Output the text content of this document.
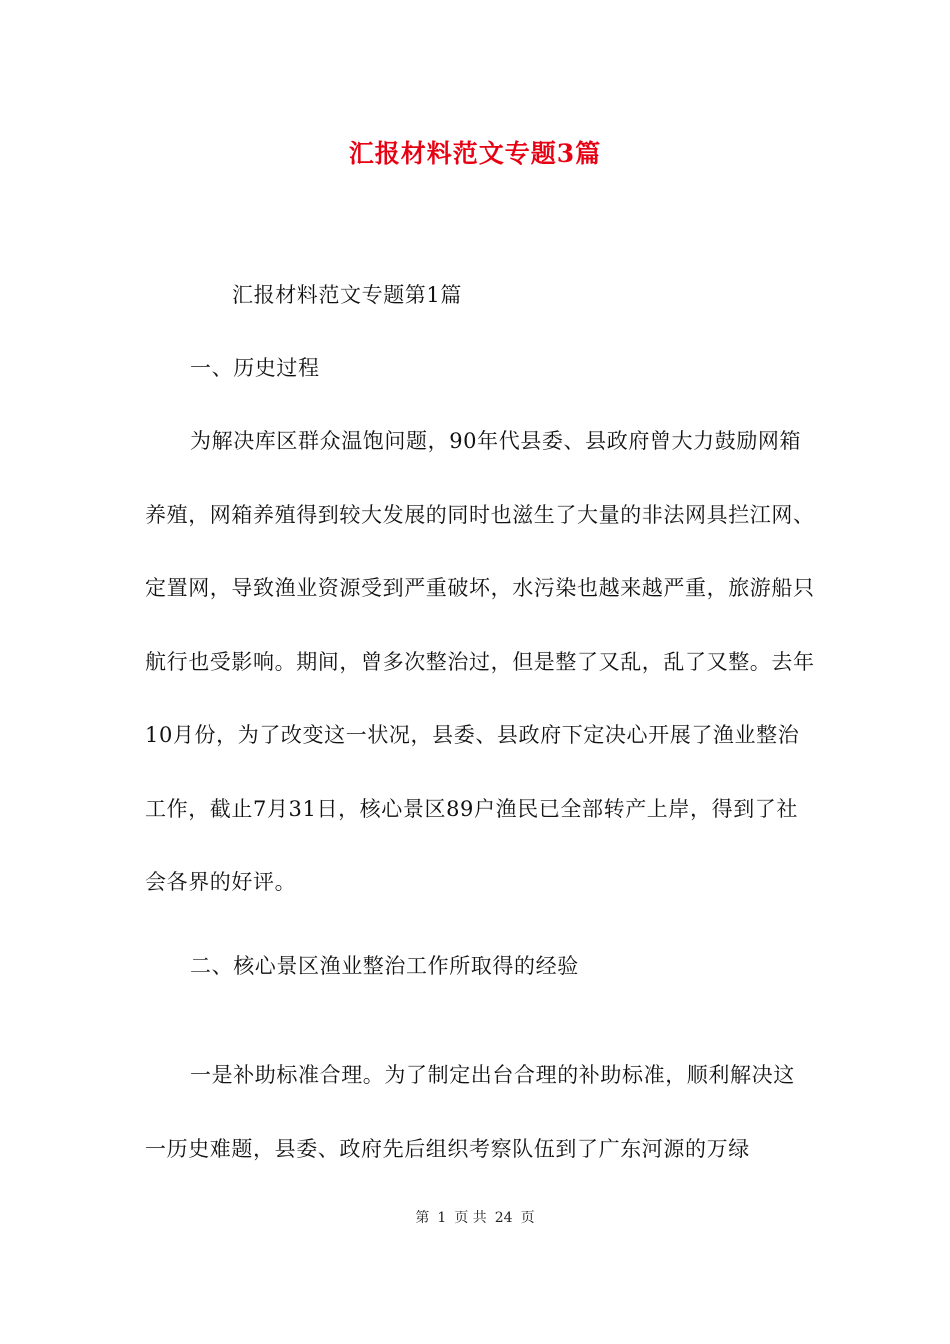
汇报材料范文专题3篇
汇报材料范文专题第1篇
一、历史过程

为解决库区群众温饱问题，90年代县委、县政府曾大力鼓励网箱养殖，网箱养殖得到较大发展的同时也滋生了大量的非法网具拦江网、定置网，导致渔业资源受到严重破坏，水污染也越来越严重，旅游船只航行也受影响。期间，曾多次整治过，但是整了又乱，乱了又整。去年10月份，为了改变这一状况，县委、县政府下定决心开展了渔业整治工作，截止7月31日，核心景区89户渔民已全部转产上岸，得到了社会各界的好评。

二、核心景区渔业整治工作所取得的经验

一是补助标准合理。为了制定出台合理的补助标准，顺利解决这一历史难题，县委、政府先后组织考察队伍到了广东河源的万绿

第 1 页 共 24 页
